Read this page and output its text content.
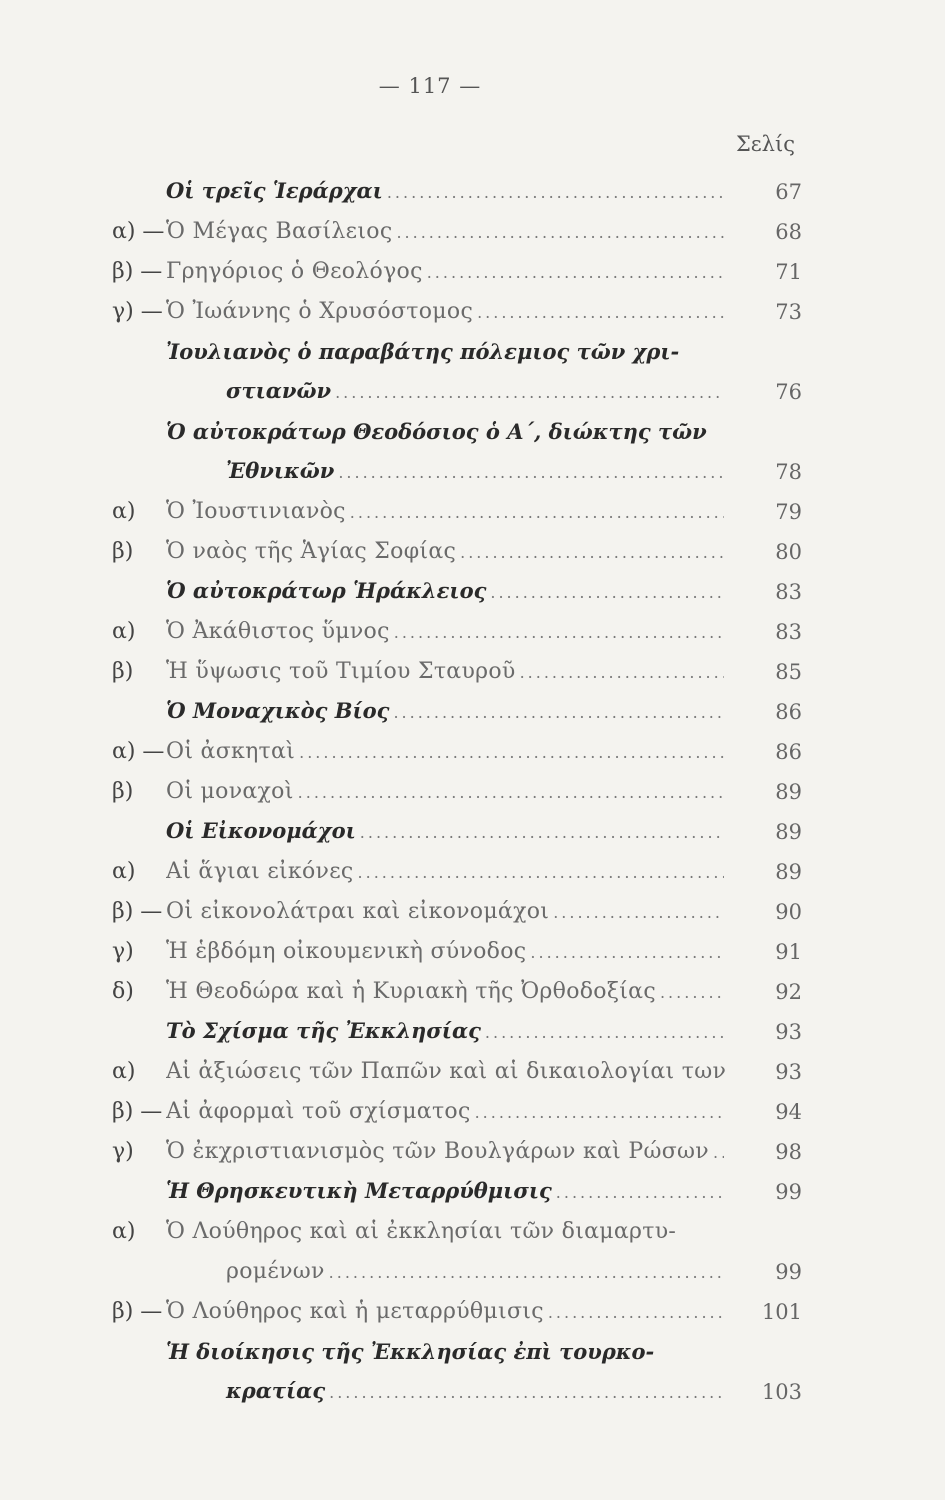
— 117 —
Σελίς
Οἱ τρεῖς Ἱεράρχαι .....	67
α) — Ὁ Μέγας Βασίλειος .....	68
β) — Γρηγόριος ὁ Θεολόγος .....	71
γ) — Ὁ Ἰωάννης ὁ Χρυσόστομος .....	73
Ἰουλιανὸς ὁ παραβάτης πόλεμιος τῶν χρι-
στιανῶν .....	76
Ὁ αὐτοκράτωρ Θεοδόσιος ὁ Α΄, διώκτης τῶν
Ἐθνικῶν .....	78
α)	Ὁ Ἰουστινιανὸς .....	79
β)	Ὁ ναὸς τῆς Ἁγίας Σοφίας .....	80
Ὁ αὐτοκράτωρ Ἡράκλειος .....	83
α)	Ὁ Ἀκάθιστος ὕμνος .....	83
β)	Ἡ ὕψωσις τοῦ Τιμίου Σταυροῦ .....	85
Ὁ Μοναχικὸς Βίος .....	86
α) — Οἱ ἀσκηταὶ .....	86
β)	Οἱ μοναχοὶ .....	89
Οἱ Εἰκονομάχοι .....	89
α)	Αἱ ἅγιαι εἰκόνες .....	89
β) — Οἱ εἰκονολάτραι καὶ εἰκονομάχοι .....	90
γ)	Ἡ ἑβδόμη οἰκουμενικὴ σύνοδος .....	91
δ)	Ἡ Θεοδώρα καὶ ἡ Κυριακὴ τῆς Ὀρθοδοξίας .....	92
Τὸ Σχίσμα τῆς Ἐκκλησίας .....	93
α)	Αἱ ἀξιώσεις τῶν Παπῶν καὶ αἱ δικαιολογίαι των	93
β) — Αἱ ἀφορμαὶ τοῦ σχίσματος .....	94
γ)	Ὁ ἐκχριστιανισμὸς τῶν Βουλγάρων καὶ Ρώσων .....	98
Ἡ Θρησκευτικὴ Μεταρρύθμισις .....	99
α)	Ὁ Λούθηρος καὶ αἱ ἐκκλησίαι τῶν διαμαρτυ-
ρομένων .....	99
β) — Ὁ Λούθηρος καὶ ἡ μεταρρύθμισις .....	101
Ἡ διοίκησις τῆς Ἐκκλησίας ἐπὶ τουρκο-
κρατίας .....	103
